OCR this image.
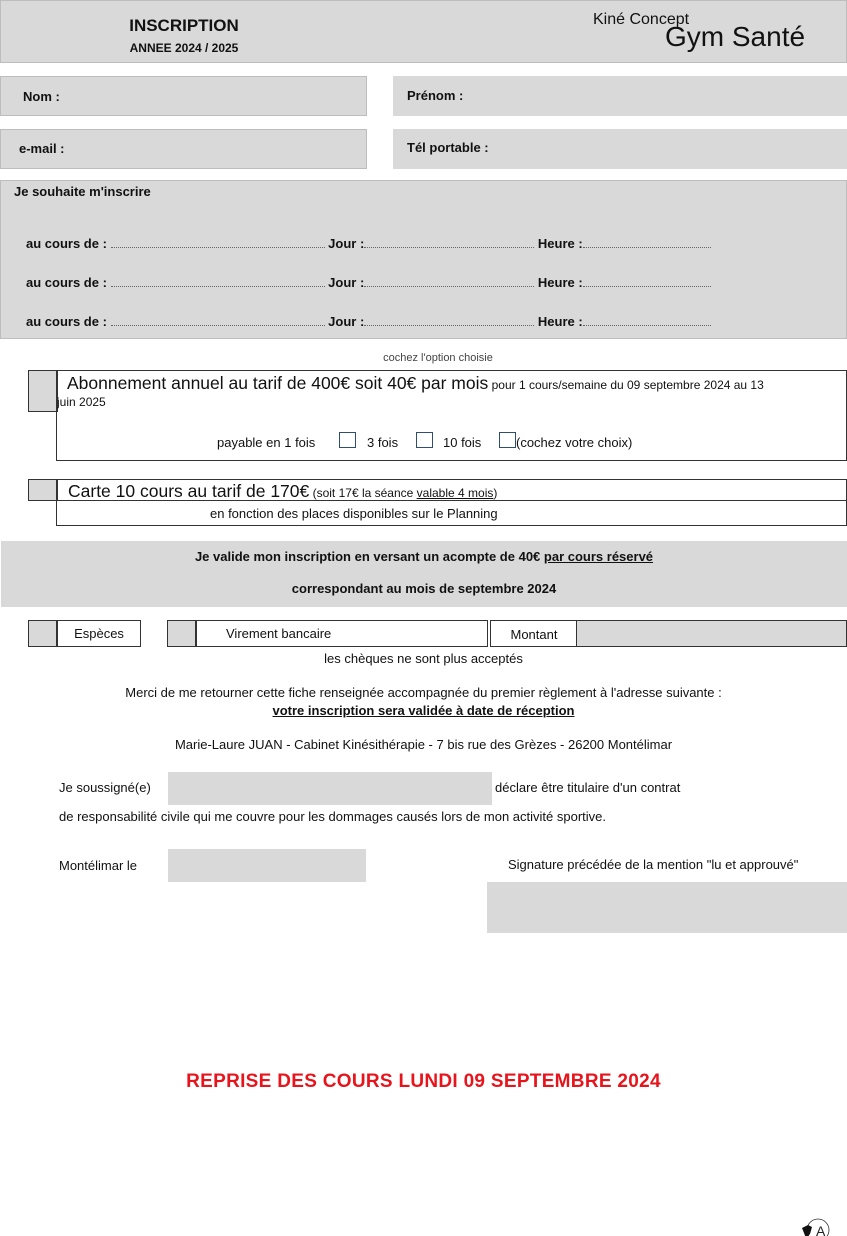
INSCRIPTION
ANNEE 2024 / 2025
Kiné Concept
Gym Santé
Nom :	Prénom :
e-mail :	Tél portable :
Je souhaite m'inscrire
au cours de :	Jour :	Heure :
au cours de :	Jour :	Heure :
au cours de :	Jour :	Heure :
cochez l'option choisie
Abonnement annuel au tarif de 400€ soit 40€ par mois pour 1 cours/semaine du 09 septembre 2024 au 13
juin 2025
payable en 1 fois	3 fois	10 fois	(cochez votre choix)
Carte 10 cours au tarif de 170€ (soit 17€ la séance valable 4 mois)
en fonction des places disponibles sur le Planning
Je valide mon inscription en versant un acompte de 40€ par cours réservé
correspondant au mois de septembre 2024
Espèces	Virement bancaire	Montant
les chèques ne sont plus acceptés
Merci de me retourner cette fiche renseignée accompagnée du premier règlement à l'adresse suivante :
votre inscription sera validée à date de réception
Marie-Laure JUAN - Cabinet Kinésithérapie - 7 bis rue des Grèzes - 26200 Montélimar
Je soussigné(e)	déclare être titulaire d'un contrat
de responsabilité civile qui me couvre pour les dommages causés lors de mon activité sportive.
Montélimar le	Signature précédée de la mention "lu et approuvé"
REPRISE DES COURS LUNDI 09 SEPTEMBRE 2024
A
